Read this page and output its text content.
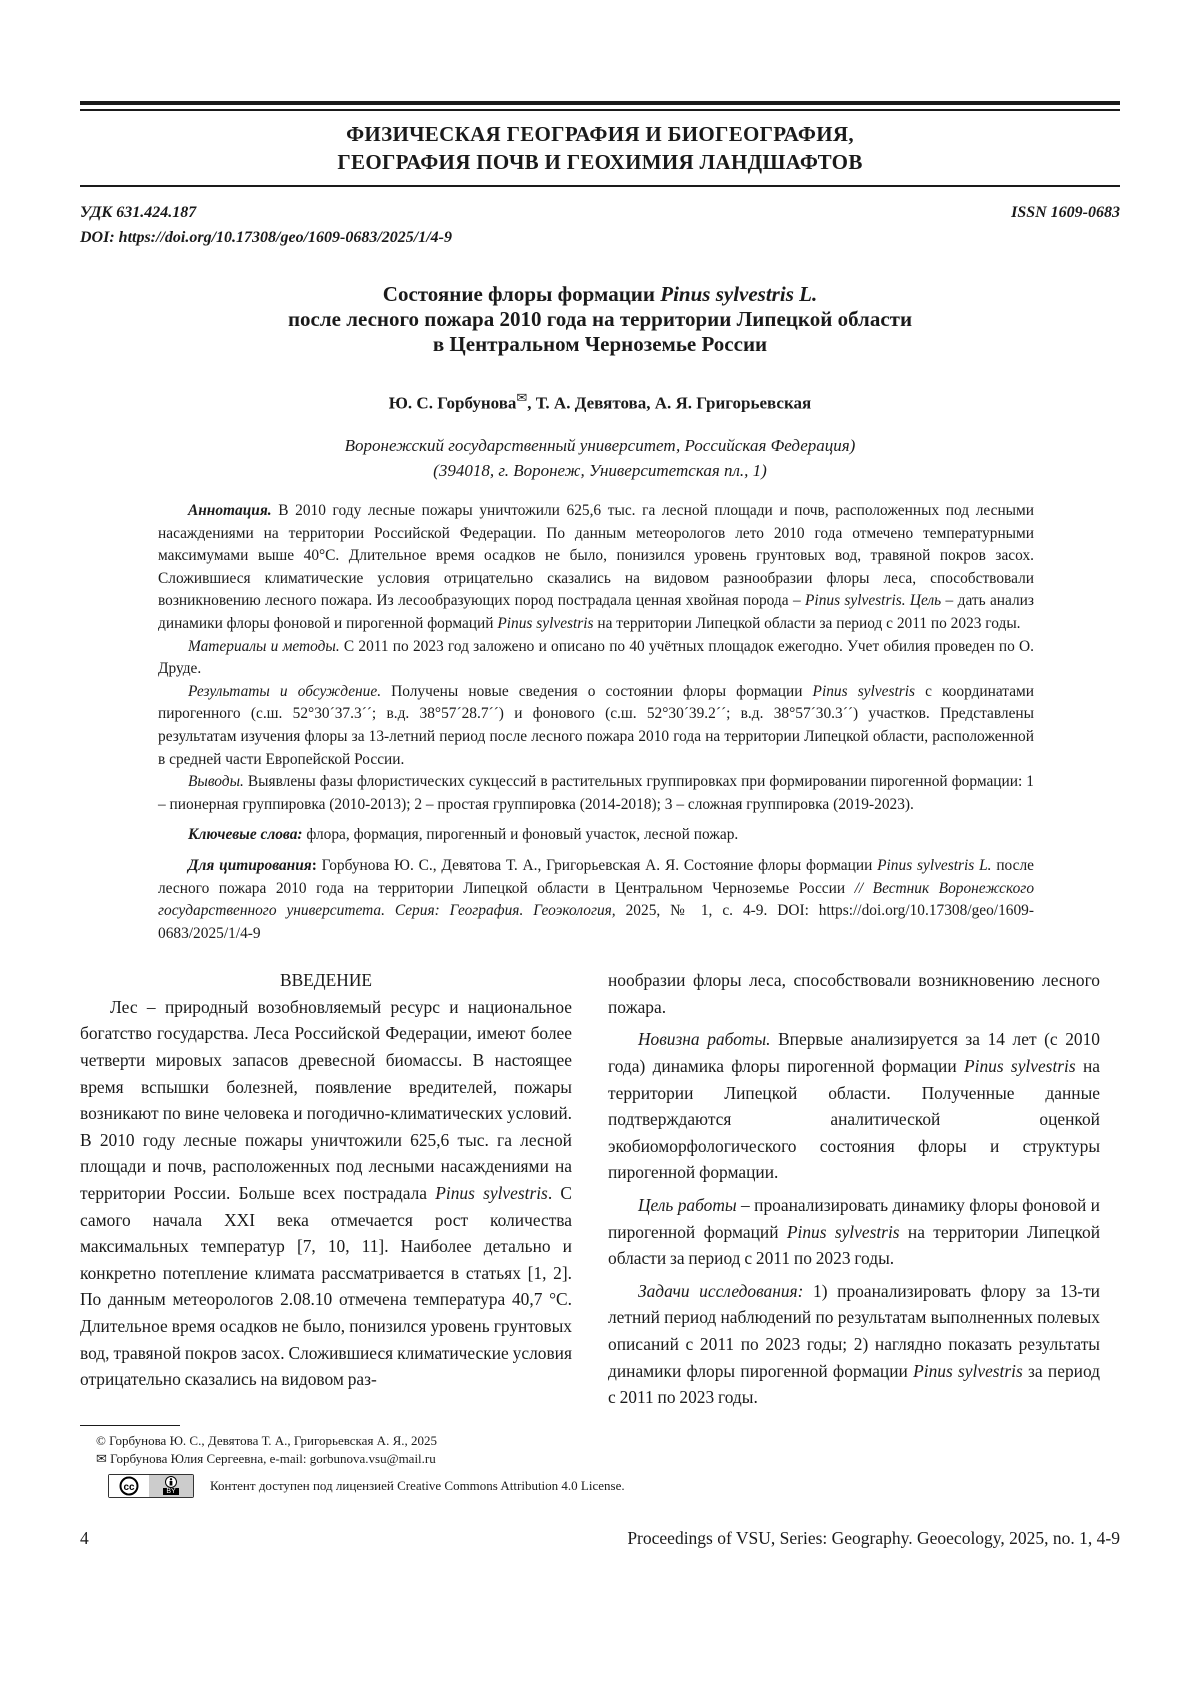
ФИЗИЧЕСКАЯ ГЕОГРАФИЯ И БИОГЕОГРАФИЯ,
ГЕОГРАФИЯ ПОЧВ И ГЕОХИМИЯ ЛАНДШАФТОВ
УДК 631.424.187
DOI: https://doi.org/10.17308/geo/1609-0683/2025/1/4-9
ISSN 1609-0683
Состояние флоры формации Pinus sylvestris L.
после лесного пожара 2010 года на территории Липецкой области
в Центральном Черноземье России
Ю. С. Горбунова✉, Т. А. Девятова, А. Я. Григорьевская
Воронежский государственный университет, Российская Федерация)
(394018, г. Воронеж, Университетская пл., 1)

Аннотация. В 2010 году лесные пожары уничтожили 625,6 тыс. га лесной площади и почв, расположенных под лесными насаждениями на территории Российской Федерации. По данным метеорологов лето 2010 года отмечено температурными максимумами выше 40°С. Длительное время осадков не было, понизился уровень грунтовых вод, травяной покров засох. Сложившиеся климатические условия отрицательно сказались на видовом разнообразии флоры леса, способствовали возникновению лесного пожара. Из лесообразующих пород пострадала ценная хвойная порода – Pinus sylvestris. Цель – дать анализ динамики флоры фоновой и пирогенной формаций Pinus sylvestris на территории Липецкой области за период с 2011 по 2023 годы.

Материалы и методы. С 2011 по 2023 год заложено и описано по 40 учётных площадок ежегодно. Учет обилия проведен по О. Друде.

Результаты и обсуждение. Получены новые сведения о состоянии флоры формации Pinus sylvestris с координатами пирогенного (с.ш. 52°30´37.3´´; в.д. 38°57´28.7´´) и фонового (с.ш. 52°30´39.2´´; в.д. 38°57´30.3´´) участков. Представлены результатам изучения флоры за 13-летний период после лесного пожара 2010 года на территории Липецкой области, расположенной в средней части Европейской России.

Выводы. Выявлены фазы флористических сукцессий в растительных группировках при формировании пирогенной формации: 1 – пионерная группировка (2010-2013); 2 – простая группировка (2014-2018); 3 – сложная группировка (2019-2023).

Ключевые слова: флора, формация, пирогенный и фоновый участок, лесной пожар.

Для цитирования: Горбунова Ю. С., Девятова Т. А., Григорьевская А. Я. Состояние флоры формации Pinus sylvestris L. после лесного пожара 2010 года на территории Липецкой области в Центральном Черноземье России // Вестник Воронежского государственного университета. Серия: География. Геоэкология, 2025, № 1, с. 4-9. DOI: https://doi.org/10.17308/geo/1609-0683/2025/1/4-9

ВВЕДЕНИЕ

Лес – природный возобновляемый ресурс и национальное богатство государства. Леса Российской Федерации, имеют более четверти мировых запасов древесной биомассы. В настоящее время вспышки болезней, появление вредителей, пожары возникают по вине человека и погодично-климатических условий. В 2010 году лесные пожары уничтожили 625,6 тыс. га лесной площади и почв, расположенных под лесными насаждениями на территории России. Больше всех пострадала Pinus sylvestris. С самого начала XXI века отмечается рост количества максимальных температур [7, 10, 11]. Наиболее детально и конкретно потепление климата рассматривается в статьях [1, 2]. По данным метеорологов 2.08.10 отмечена температура 40,7 °С. Длительное время осадков не было, понизился уровень грунтовых вод, травяной покров засох. Сложившиеся климатические условия отрицательно сказались на видовом раз-

нообразии флоры леса, способствовали возникновению лесного пожара.

Новизна работы. Впервые анализируется за 14 лет (с 2010 года) динамика флоры пирогенной формации Pinus sylvestris на территории Липецкой области. Полученные данные подтверждаются аналитической оценкой экобиоморфологического состояния флоры и структуры пирогенной формации.

Цель работы – проанализировать динамику флоры фоновой и пирогенной формаций Pinus sylvestris на территории Липецкой области за период с 2011 по 2023 годы.

Задачи исследования: 1) проанализировать флору за 13-ти летний период наблюдений по результатам выполненных полевых описаний с 2011 по 2023 годы; 2) наглядно показать результаты динамики флоры пирогенной формации Pinus sylvestris за период с 2011 по 2023 годы.

© Горбунова Ю. С., Девятова Т. А., Григорьевская А. Я., 2025
✉ Горбунова Юлия Сергеевна, e-mail: gorbunova.vsu@mail.ru
cc	BY	Контент доступен под лицензией Creative Commons Attribution 4.0 License.
4	Proceedings of VSU, Series: Geography. Geoecology, 2025, no. 1, 4-9
